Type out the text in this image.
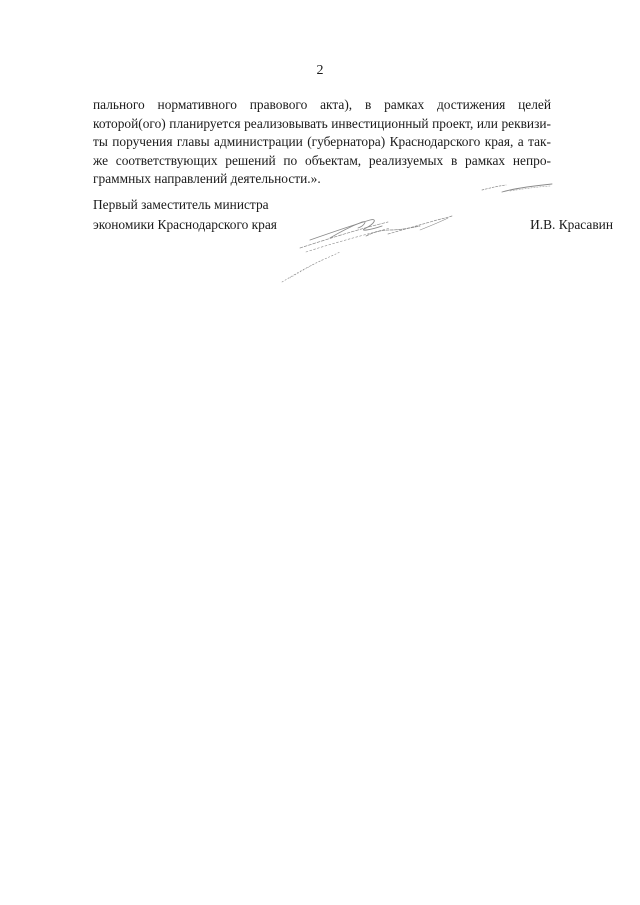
2
пального нормативного правового акта), в рамках достижения целей
которой(ого) планируется реализовывать инвестиционный проект, или реквизи-
ты поручения главы администрации (губернатора) Краснодарского края, а так-
же соответствующих решений по объектам, реализуемых в рамках непро-
граммных направлений деятельности.».
Первый заместитель министра
экономики Краснодарского края	И.В. Красавин
